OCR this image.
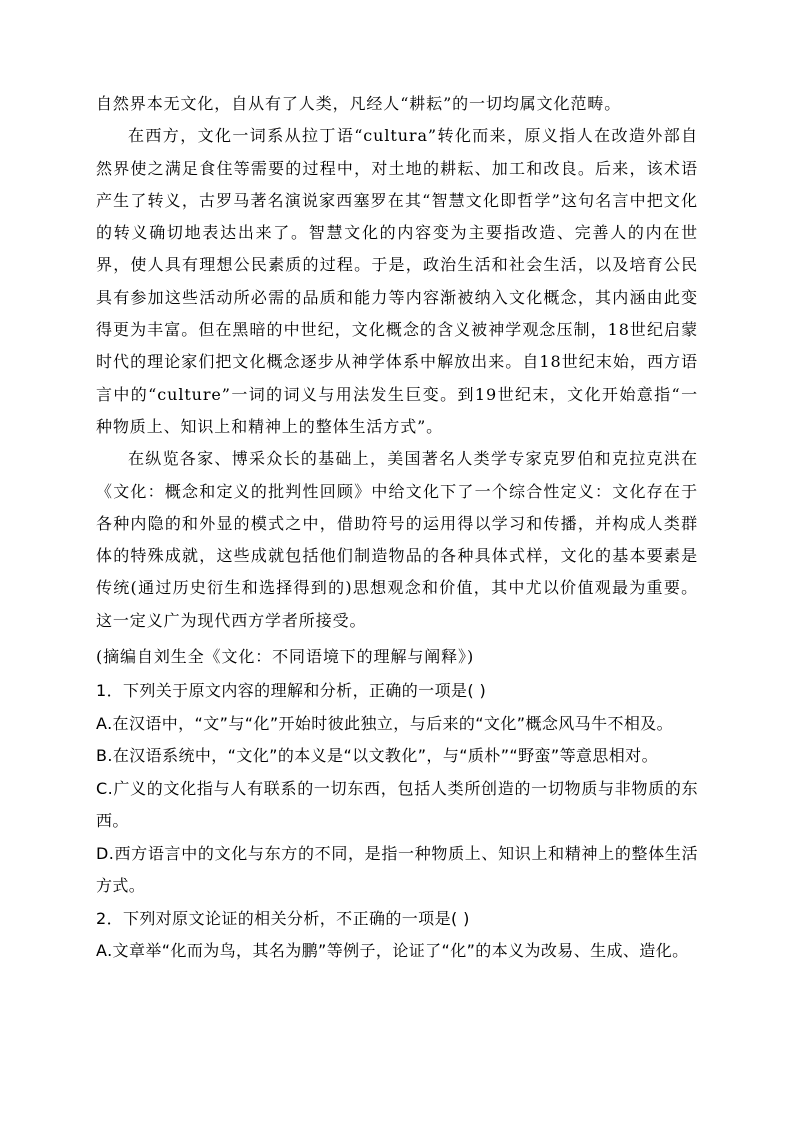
自然界本无文化，自从有了人类，凡经人“耕耘”的一切均属文化范畴。

在西方，文化一词系从拉丁语“cultura”转化而来，原义指人在改造外部自然界使之满足食住等需要的过程中，对土地的耕耘、加工和改良。后来，该术语产生了转义，古罗马著名演说家西塞罗在其“智慧文化即哲学”这句名言中把文化的转义确切地表达出来了。智慧文化的内容变为主要指改造、完善人的内在世界，使人具有理想公民素质的过程。于是，政治生活和社会生活，以及培育公民具有参加这些活动所必需的品质和能力等内容渐被纳入文化概念，其内涵由此变得更为丰富。但在黑暗的中世纪，文化概念的含义被神学观念压制，18世纪启蒙时代的理论家们把文化概念逐步从神学体系中解放出来。自18世纪末始，西方语言中的“culture”一词的词义与用法发生巨变。到19世纪末，文化开始意指“一种物质上、知识上和精神上的整体生活方式”。

在纵览各家、博采众长的基础上，美国著名人类学专家克罗伯和克拉克洪在《文化：概念和定义的批判性回顾》中给文化下了一个综合性定义：文化存在于各种内隐的和外显的模式之中，借助符号的运用得以学习和传播，并构成人类群体的特殊成就，这些成就包括他们制造物品的各种具体式样，文化的基本要素是传统(通过历史衍生和选择得到的)思想观念和价值，其中尤以价值观最为重要。这一定义广为现代西方学者所接受。

(摘编自刘生全《文化：不同语境下的理解与阐释》)

1．下列关于原文内容的理解和分析，正确的一项是( )

A.在汉语中，“文”与“化”开始时彼此独立，与后来的“文化”概念风马牛不相及。

B.在汉语系统中，“文化”的本义是“以文教化”，与“质朴”“野蛮”等意思相对。

C.广义的文化指与人有联系的一切东西，包括人类所创造的一切物质与非物质的东西。

D.西方语言中的文化与东方的不同，是指一种物质上、知识上和精神上的整体生活方式。

2．下列对原文论证的相关分析，不正确的一项是( )

A.文章举“化而为鸟，其名为鹏”等例子，论证了“化”的本义为改易、生成、造化。
